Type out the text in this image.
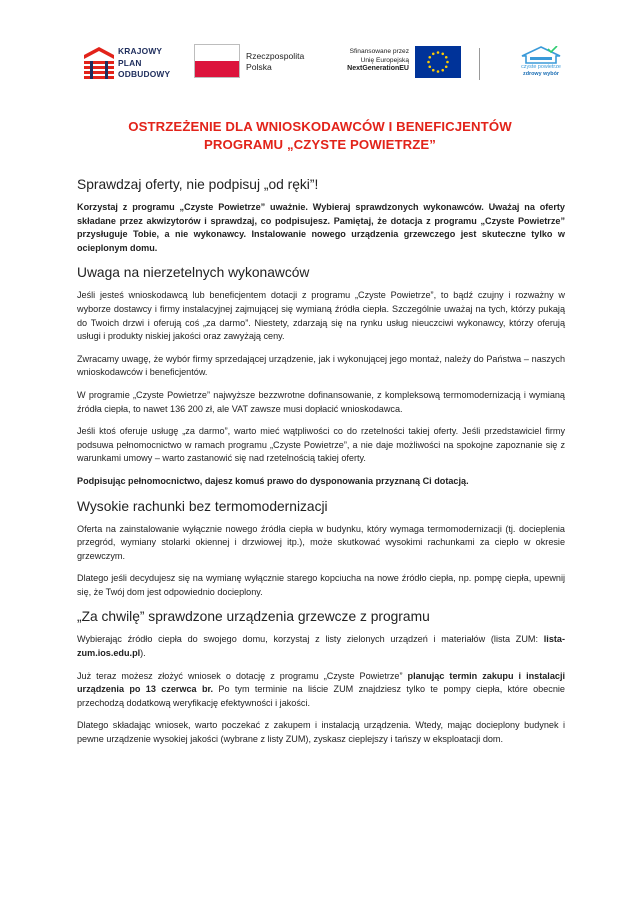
KRAJOWY
PLAN
ODBUDOWY
Rzeczpospolita
Polska
Sfinansowane przez
Unię Europejską
NextGenerationEU	czyste powietrze
zdrowy wybór
OSTRZEŻENIE DLA WNIOSKODAWCÓW I BENEFICJENTÓW
PROGRAMU „CZYSTE POWIETRZE”
Sprawdzaj oferty, nie podpisuj „od ręki”!

Korzystaj z programu „Czyste Powietrze” uważnie. Wybieraj sprawdzonych wykonawców. Uważaj na oferty składane przez akwizytorów i sprawdzaj, co podpisujesz. Pamiętaj, że dotacja z programu „Czyste Powietrze” przysługuje Tobie, a nie wykonawcy. Instalowanie nowego urządzenia grzewczego jest skuteczne tylko w ocieplonym domu.

Uwaga na nierzetelnych wykonawców

Jeśli jesteś wnioskodawcą lub beneficjentem dotacji z programu „Czyste Powietrze”, to bądź czujny i rozważny w wyborze dostawcy i firmy instalacyjnej zajmującej się wymianą źródła ciepła. Szczególnie uważaj na tych, którzy pukają do Twoich drzwi i oferują coś „za darmo”. Niestety, zdarzają się na rynku usług nieuczciwi wykonawcy, którzy oferują usługi i produkty niskiej jakości oraz zawyżają ceny.

Zwracamy uwagę, że wybór firmy sprzedającej urządzenie, jak i wykonującej jego montaż, należy do Państwa – naszych wnioskodawców i beneficjentów.

W programie „Czyste Powietrze” najwyższe bezzwrotne dofinansowanie, z kompleksową termomodernizacją i wymianą źródła ciepła, to nawet 136 200 zł, ale VAT zawsze musi dopłacić wnioskodawca.

Jeśli ktoś oferuje usługę „za darmo”, warto mieć wątpliwości co do rzetelności takiej oferty. Jeśli przedstawiciel firmy podsuwa pełnomocnictwo w ramach programu „Czyste Powietrze”, a nie daje możliwości na spokojne zapoznanie się z warunkami umowy – warto zastanowić się nad rzetelnością takiej oferty.

Podpisując pełnomocnictwo, dajesz komuś prawo do dysponowania przyznaną Ci dotacją.

Wysokie rachunki bez termomodernizacji

Oferta na zainstalowanie wyłącznie nowego źródła ciepła w budynku, który wymaga termomodernizacji (tj. docieplenia przegród, wymiany stolarki okiennej i drzwiowej itp.), może skutkować wysokimi rachunkami za ciepło w okresie grzewczym.

Dlatego jeśli decydujesz się na wymianę wyłącznie starego kopciucha na nowe źródło ciepła, np. pompę ciepła, upewnij się, że Twój dom jest odpowiednio docieplony.

„Za chwilę” sprawdzone urządzenia grzewcze z programu

Wybierając źródło ciepła do swojego domu, korzystaj z listy zielonych urządzeń i materiałów (lista ZUM: lista-zum.ios.edu.pl).

Już teraz możesz złożyć wniosek o dotację z programu „Czyste Powietrze” planując termin zakupu i instalacji urządzenia po 13 czerwca br. Po tym terminie na liście ZUM znajdziesz tylko te pompy ciepła, które obecnie przechodzą dodatkową weryfikację efektywności i jakości.

Dlatego składając wniosek, warto poczekać z zakupem i instalacją urządzenia. Wtedy, mając docieplony budynek i pewne urządzenie wysokiej jakości (wybrane z listy ZUM), zyskasz cieplejszy i tańszy w eksploatacji dom.
